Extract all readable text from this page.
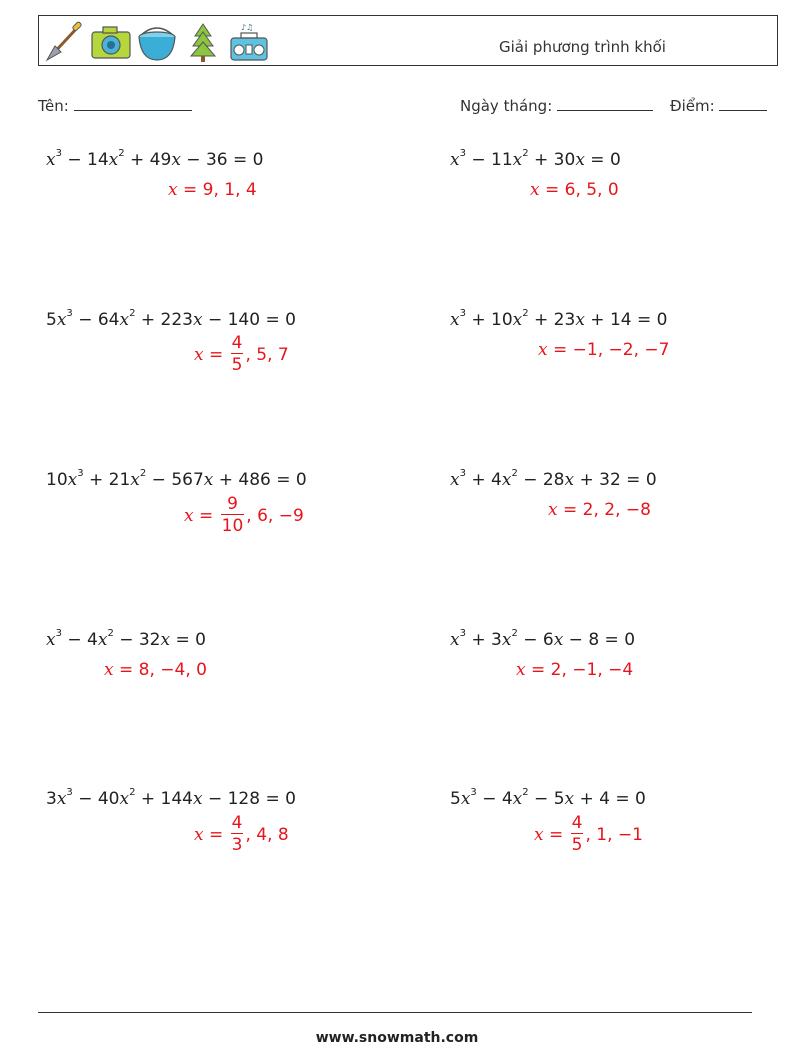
♪♫
Giải phương trình khối
Tên:	Ngày tháng:	Điểm:
$x^3 - 14x^2 + 49x - 36 = 0$
x = 9, 1, 4
$x^3 - 11x^2 + 30x = 0$
x = 6, 5, 0
$5x^3 - 64x^2 + 223x - 140 = 0$
$x = \frac{4}{5}$ , 5, 7
$x^3 + 10x^2 + 23x + 14 = 0$
x = −1, −2, −7
$10x^3 + 21x^2 - 567x + 486 = 0$
$x = \frac{9}{10}$ , 6, −9
$x^3 + 4x^2 - 28x + 32 = 0$
x = 2, 2, −8
$x^3 - 4x^2 - 32x = 0$
x = 8, −4, 0
$x^3 + 3x^2 - 6x - 8 = 0$
x = 2, −1, −4
$3x^3 - 40x^2 + 144x - 128 = 0$
$x = \frac{4}{3}$ , 4, 8
$5x^3 - 4x^2 - 5x + 4 = 0$
$x = \frac{4}{5}$ , 1, −1
www.snowmath.com
